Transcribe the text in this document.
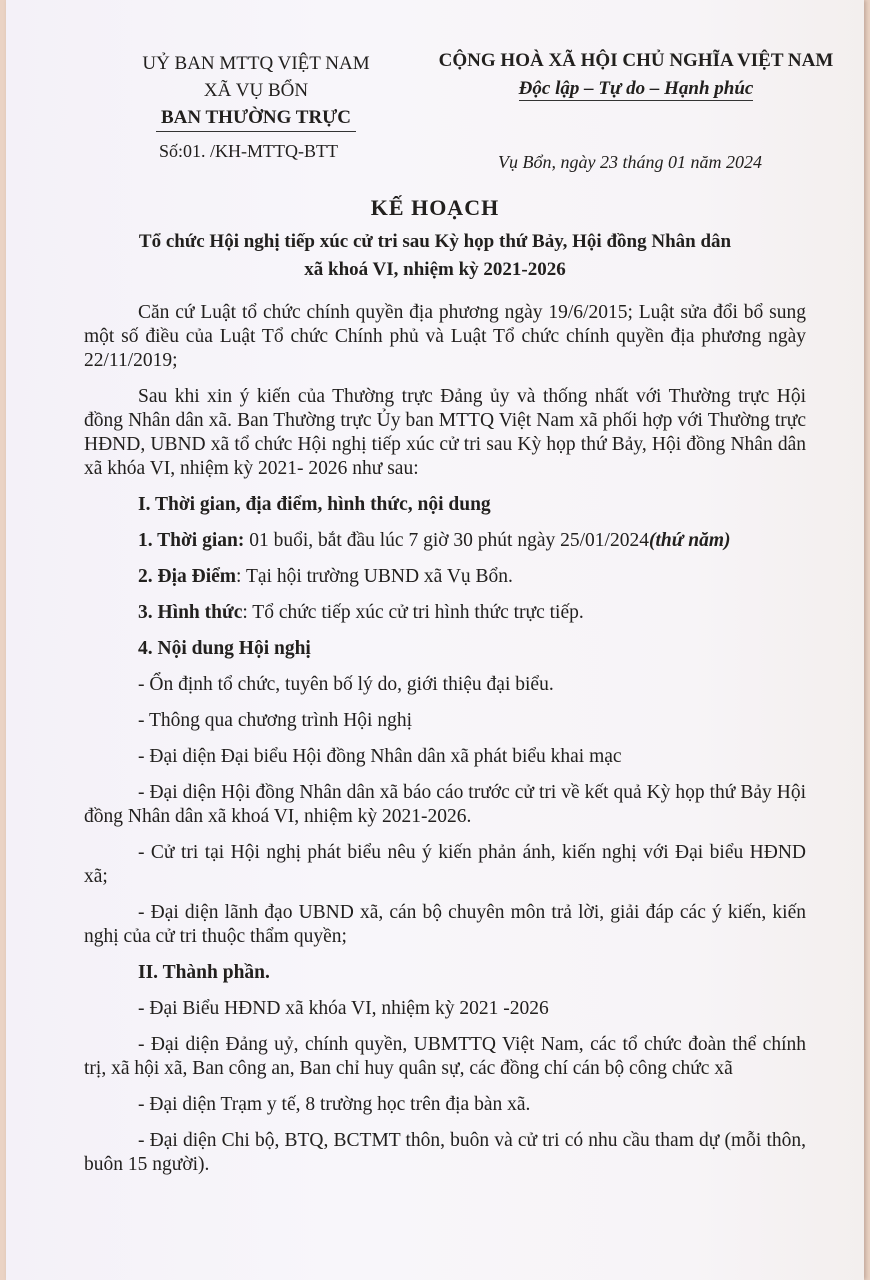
UỶ BAN MTTQ VIỆT NAM
XÃ VỤ BỔN
BAN THƯỜNG TRỰC
Số:01. /KH-MTTQ-BTT
CỘNG HOÀ XÃ HỘI CHỦ NGHĨA VIỆT NAM
Độc lập – Tự do – Hạnh phúc
Vụ Bổn, ngày 23 tháng 01 năm 2024
KẾ HOẠCH
Tổ chức Hội nghị tiếp xúc cử tri sau Kỳ họp thứ Bảy, Hội đồng Nhân dân
xã khoá VI, nhiệm kỳ 2021-2026

Căn cứ Luật tổ chức chính quyền địa phương ngày 19/6/2015; Luật sửa đổi bổ sung một số điều của Luật Tổ chức Chính phủ và Luật Tổ chức chính quyền địa phương ngày 22/11/2019;

Sau khi xin ý kiến của Thường trực Đảng ủy và thống nhất với Thường trực Hội đồng Nhân dân xã. Ban Thường trực Ủy ban MTTQ Việt Nam xã phối hợp với Thường trực HĐND, UBND xã tổ chức Hội nghị tiếp xúc cử tri sau Kỳ họp thứ Bảy, Hội đồng Nhân dân xã khóa VI, nhiệm kỳ 2021- 2026 như sau:

I. Thời gian, địa điểm, hình thức, nội dung

1. Thời gian: 01 buổi, bắt đầu lúc 7 giờ 30 phút ngày 25/01/2024(thứ năm)

2. Địa Điểm: Tại hội trường UBND xã Vụ Bổn.

3. Hình thức: Tổ chức tiếp xúc cử tri hình thức trực tiếp.

4. Nội dung Hội nghị

- Ổn định tổ chức, tuyên bố lý do, giới thiệu đại biểu.

- Thông qua chương trình Hội nghị

- Đại diện Đại biểu Hội đồng Nhân dân xã phát biểu khai mạc

- Đại diện Hội đồng Nhân dân xã báo cáo trước cử tri về kết quả Kỳ họp thứ Bảy Hội đồng Nhân dân xã khoá VI, nhiệm kỳ 2021-2026.

- Cử tri tại Hội nghị phát biểu nêu ý kiến phản ánh, kiến nghị với Đại biểu HĐND xã;

- Đại diện lãnh đạo UBND xã, cán bộ chuyên môn trả lời, giải đáp các ý kiến, kiến nghị của cử tri thuộc thẩm quyền;

II. Thành phần.

- Đại Biểu HĐND xã khóa VI, nhiệm kỳ 2021 -2026

- Đại diện Đảng uỷ, chính quyền, UBMTTQ Việt Nam, các tổ chức đoàn thể chính trị, xã hội xã, Ban công an, Ban chỉ huy quân sự, các đồng chí cán bộ công chức xã

- Đại diện Trạm y tế, 8 trường học trên địa bàn xã.

- Đại diện Chi bộ, BTQ, BCTMT thôn, buôn và cử tri có nhu cầu tham dự (mỗi thôn, buôn 15 người).
